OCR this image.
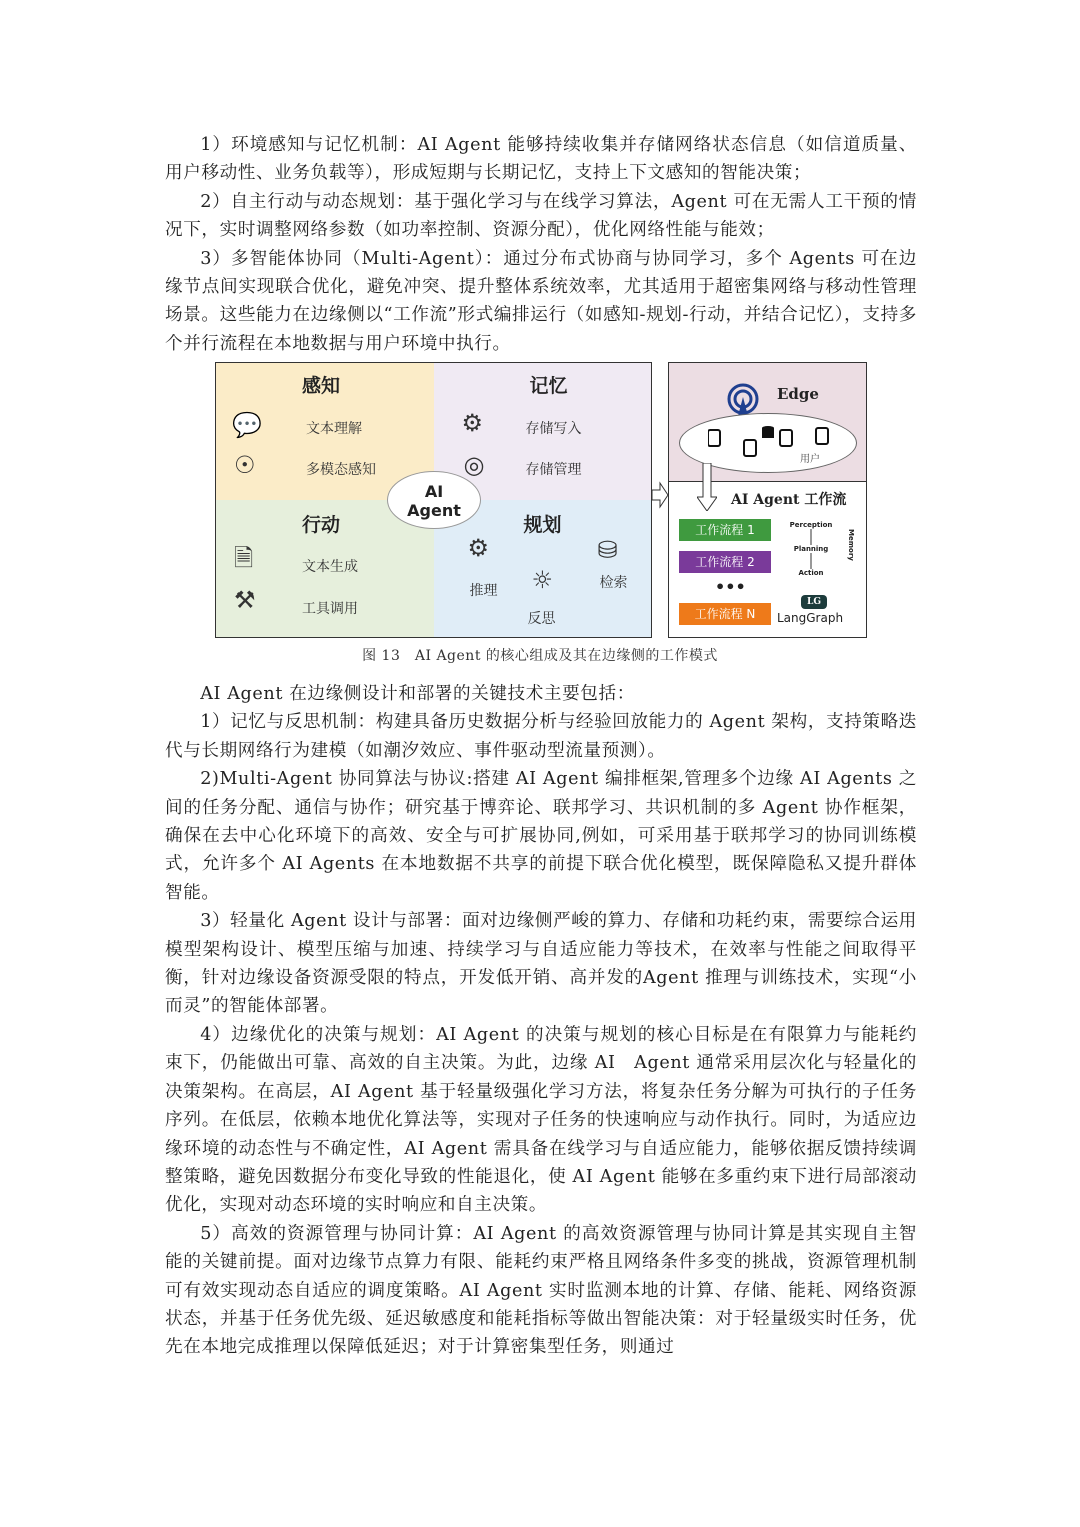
1）环境感知与记忆机制：AI Agent 能够持续收集并存储网络状态信息（如信道质量、用户移动性、业务负载等），形成短期与长期记忆，支持上下文感知的智能决策；

2）自主行动与动态规划：基于强化学习与在线学习算法，Agent 可在无需人工干预的情况下，实时调整网络参数（如功率控制、资源分配），优化网络性能与能效；

3）多智能体协同（Multi-Agent）：通过分布式协商与协同学习，多个 Agents 可在边缘节点间实现联合优化，避免冲突、提升整体系统效率，尤其适用于超密集网络与移动性管理场景。这些能力在边缘侧以“工作流”形式编排运行（如感知-规划-行动，并结合记忆），支持多个并行流程在本地数据与用户环境中执行。

感知
💬	文本理解
☉	多模态感知
记忆
⚙	存储写入
◎	存储管理
行动
🗎	文本生成
⚒	工具调用
规划
⚙
推理
⛁
检索
☼
反思
AI
Agent
Edge
用户
AI Agent 工作流
工作流程 1
工作流程 2
•••
工作流程 N
Perception
Planning
Action
Memory
LG
LangGraph
图 13　AI Agent 的核心组成及其在边缘侧的工作模式

AI Agent 在边缘侧设计和部署的关键技术主要包括：

1）记忆与反思机制：构建具备历史数据分析与经验回放能力的 Agent 架构，支持策略迭代与长期网络行为建模（如潮汐效应、事件驱动型流量预测）。

2)Multi-Agent 协同算法与协议:搭建 AI Agent 编排框架,管理多个边缘 AI Agents 之间的任务分配、通信与协作；研究基于博弈论、联邦学习、共识机制的多 Agent 协作框架，确保在去中心化环境下的高效、安全与可扩展协同,例如，可采用基于联邦学习的协同训练模式，允许多个 AI Agents 在本地数据不共享的前提下联合优化模型，既保障隐私又提升群体智能。

3）轻量化 Agent 设计与部署：面对边缘侧严峻的算力、存储和功耗约束，需要综合运用模型架构设计、模型压缩与加速、持续学习与自适应能力等技术，在效率与性能之间取得平衡，针对边缘设备资源受限的特点，开发低开销、高并发的Agent 推理与训练技术，实现“小而灵”的智能体部署。

4）边缘优化的决策与规划：AI Agent 的决策与规划的核心目标是在有限算力与能耗约束下，仍能做出可靠、高效的自主决策。为此，边缘 AI　Agent 通常采用层次化与轻量化的决策架构。在高层，AI Agent 基于轻量级强化学习方法，将复杂任务分解为可执行的子任务序列。在低层，依赖本地优化算法等，实现对子任务的快速响应与动作执行。同时，为适应边缘环境的动态性与不确定性，AI Agent 需具备在线学习与自适应能力，能够依据反馈持续调整策略，避免因数据分布变化导致的性能退化，使 AI Agent 能够在多重约束下进行局部滚动优化，实现对动态环境的实时响应和自主决策。

5）高效的资源管理与协同计算：AI Agent 的高效资源管理与协同计算是其实现自主智能的关键前提。面对边缘节点算力有限、能耗约束严格且网络条件多变的挑战，资源管理机制可有效实现动态自适应的调度策略。AI Agent 实时监测本地的计算、存储、能耗、网络资源状态，并基于任务优先级、延迟敏感度和能耗指标等做出智能决策：对于轻量级实时任务，优先在本地完成推理以保障低延迟；对于计算密集型任务，则通过
